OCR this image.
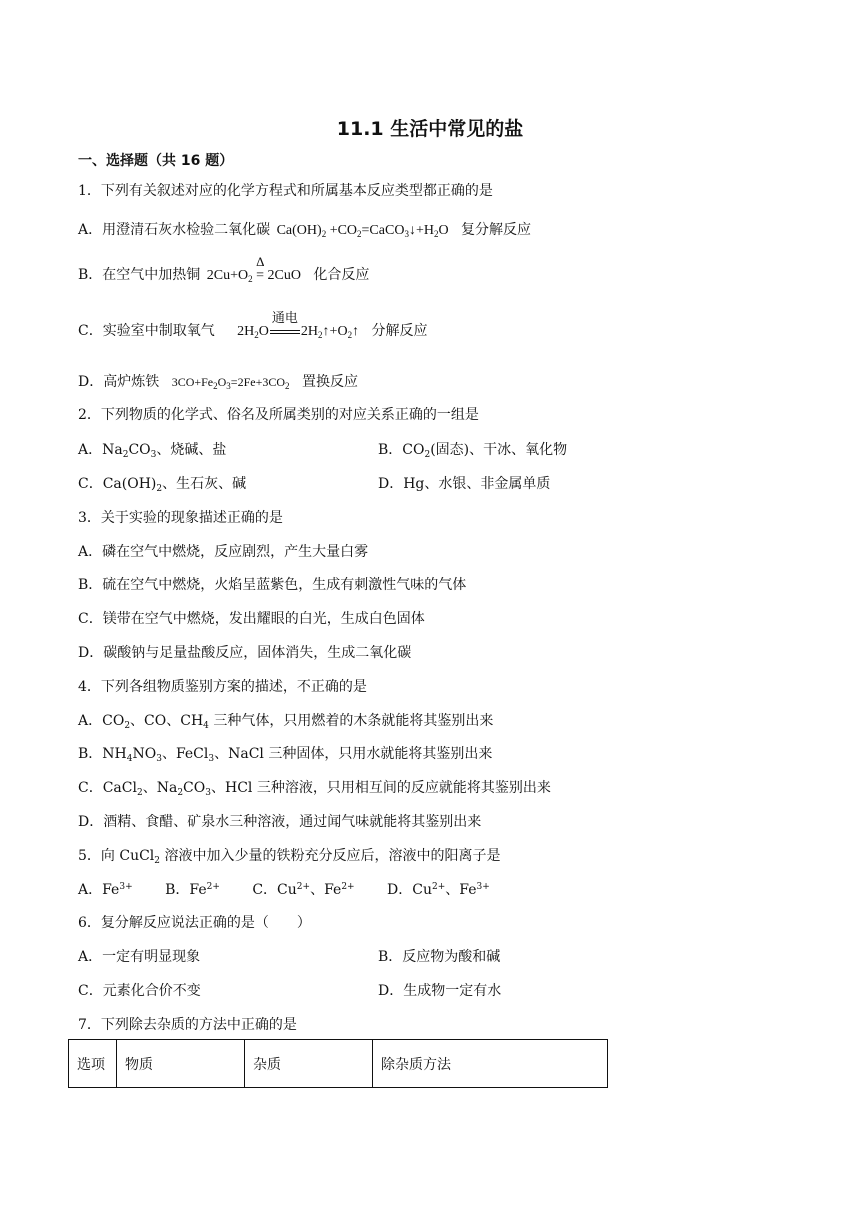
11.1 生活中常见的盐
一、选择题（共 16 题）
1．下列有关叙述对应的化学方程式和所属基本反应类型都正确的是
A．用澄清石灰水检验二氧化碳 $Ca(OH)_2$ $+CO_2=CaCO_3↓+H_2O$ 复分解反应
B．在空气中加热铜 $2Cu+O_2$
Δ
= 2CuO 化合反应
C．实验室中制取氧气 $2H_2O$
通电
$2H_2↑+O_2↑$ 分解反应
D．高炉炼铁 $3CO+Fe_2O_3=2Fe+3CO_2$ 置换反应
2．下列物质的化学式、俗名及所属类别的对应关系正确的一组是
A．$Na_2CO_3$、烧碱、盐	B．$CO_2$(固态)、干冰、氧化物
C．$Ca(OH)_2$、生石灰、碱	D．Hg、水银、非金属单质
3．关于实验的现象描述正确的是
A．磷在空气中燃烧，反应剧烈，产生大量白雾
B．硫在空气中燃烧，火焰呈蓝紫色，生成有刺激性气味的气体
C．镁带在空气中燃烧，发出耀眼的白光，生成白色固体
D．碳酸钠与足量盐酸反应，固体消失，生成二氧化碳
4．下列各组物质鉴别方案的描述，不正确的是
A．$CO_2$、CO、$CH_4$ 三种气体，只用燃着的木条就能将其鉴别出来
B．$NH_4NO_3$、FeCl$_3$、NaCl 三种固体，只用水就能将其鉴别出来
C．CaCl$_2$、$Na_2CO_3$、HCl 三种溶液，只用相互间的反应就能将其鉴别出来
D．酒精、食醋、矿泉水三种溶液，通过闻气味就能将其鉴别出来
5．向 CuCl$_2$ 溶液中加入少量的铁粉充分反应后，溶液中的阳离子是
A．$Fe^{3+}$ B．$Fe^{2+}$ C．$Cu^{2+}$、$Fe^{2+}$ D．$Cu^{2+}$、$Fe^{3+}$
6．复分解反应说法正确的是（　　）
A．一定有明显现象	B．反应物为酸和碱
C．元素化合价不变	D．生成物一定有水
7．下列除去杂质的方法中正确的是
选项	物质	杂质	除杂质方法
